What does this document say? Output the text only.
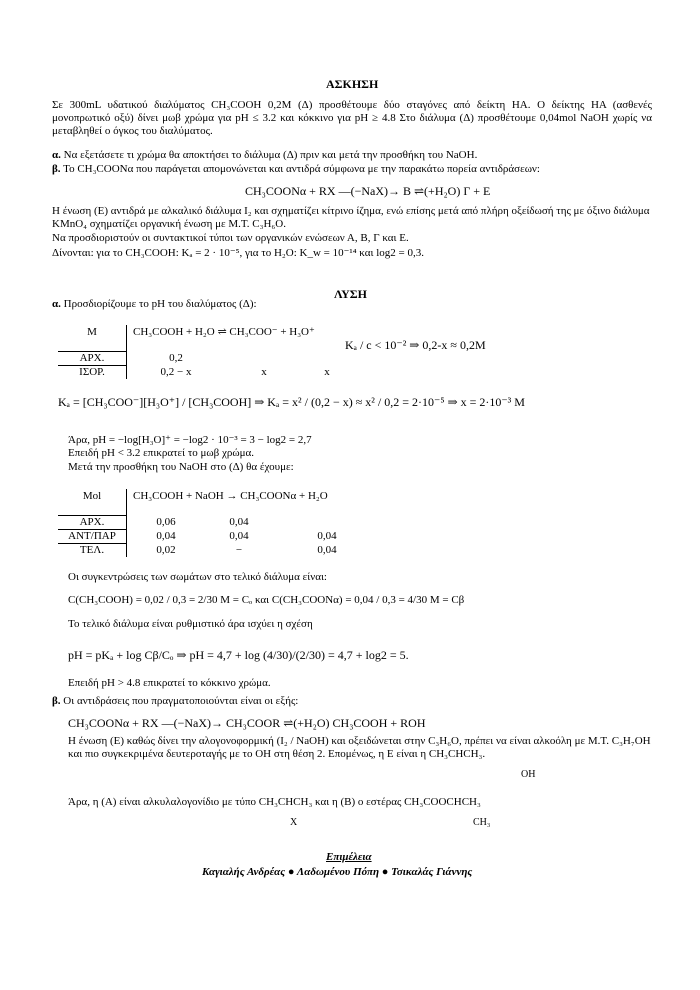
ΑΣΚΗΣΗ
Σε 300mL υδατικού διαλύματος CH₃COOH 0,2M (Δ) προσθέτουμε δύο σταγόνες από δείκτη ΗΑ. Ο δείκτης ΗΑ (ασθενές μονοπρωτικό οξύ) δίνει μωβ χρώμα για pH ≤ 3.2 και κόκκινο για pH ≥ 4.8 Στο διάλυμα (Δ) προσθέτουμε 0,04mol NaOH χωρίς να μεταβληθεί ο όγκος του διαλύματος.
α. Να εξετάσετε τι χρώμα θα αποκτήσει το διάλυμα (Δ) πριν και μετά την προσθήκη του NaOH.
β. Το CH₃COONα που παράγεται απομονώνεται και αντιδρά σύμφωνα με την παρακάτω πορεία αντιδράσεων:
CH₃COONα + RX —(−NaX)→ B ⇌(+H₂O) Γ + E
Η ένωση (Ε) αντιδρά με αλκαλικό διάλυμα I₂ και σχηματίζει κίτρινο ίζημα, ενώ επίσης μετά από πλήρη οξείδωσή της με όξινο διάλυμα KMnO₄ σχηματίζει οργανική ένωση με Μ.Τ. C₃H₆O.
Να προσδιοριστούν οι συντακτικοί τύποι των οργανικών ενώσεων Α, Β, Γ και Ε.
Δίνονται: για το CH₃COOH: Kₐ = 2 · 10⁻⁵, για το H₂O: K_w = 10⁻¹⁴ και log2 = 0,3.
ΛΥΣΗ
α. Προσδιορίζουμε το pH του διαλύματος (Δ):
M	CH₃COOH + H₂O ⇌ CH₃COO⁻ + H₃O⁺		

ΑΡΧ.	0,2		
ΙΣΟΡ.	0,2 − x	x	x
Kₐ / c < 10⁻² ⇒ 0,2-x ≈ 0,2M
Kₐ = [CH₃COO⁻][H₃O⁺] / [CH₃COOH] ⇒ Kₐ = x² / (0,2 − x) ≈ x² / 0,2 = 2·10⁻⁵ ⇒ x = 2·10⁻³ M
Άρα, pH = −log[H₃O]⁺ = −log2 · 10⁻³ = 3 − log2 = 2,7
Επειδή pH < 3.2 επικρατεί το μωβ χρώμα.
Μετά την προσθήκη του NaOH στο (Δ) θα έχουμε:
Mol	CH₃COOH + NaOH → CH₃COONα + H₂O		

ΑΡΧ.	0,06	0,04	
ΑΝΤ/ΠΑΡ	0,04	0,04	0,04
ΤΕΛ.	0,02	−	0,04
Οι συγκεντρώσεις των σωμάτων στο τελικό διάλυμα είναι:
C(CH₃COOH) = 0,02 / 0,3 = 2/30 M = Cₒ και C(CH₃COONα) = 0,04 / 0,3 = 4/30 M = Cβ
Το τελικό διάλυμα είναι ρυθμιστικό άρα ισχύει η σχέση
pH = pKₐ + log Cβ/Cₒ ⇒ pH = 4,7 + log (4/30)/(2/30) = 4,7 + log2 = 5.
Επειδή pH > 4.8 επικρατεί το κόκκινο χρώμα.
β. Οι αντιδράσεις που πραγματοποιούνται είναι οι εξής:
CH₃COONα + RX —(−NaX)→ CH₃COOR ⇌(+H₂O) CH₃COOH + ROH
Η ένωση (Ε) καθώς δίνει την αλογονοφορμική (I₂ / NaOH) και οξειδώνεται στην C₃H₆O, πρέπει να είναι αλκοόλη με Μ.Τ. C₃H₇OH και πιο συγκεκριμένα δευτεροταγής με το OH στη θέση 2. Επομένως, η Ε είναι η CH₃CHCH₃.
OH
Άρα, η (Α) είναι αλκυλαλογονίδιο με τύπο CH₃CHCH₃ και η (Β) ο εστέρας CH₃COOCHCH₃
X	CH₃
Επιμέλεια
Καγιαλής Ανδρέας ● Λαδωμένου Πόπη ● Τσικαλάς Γιάννης
